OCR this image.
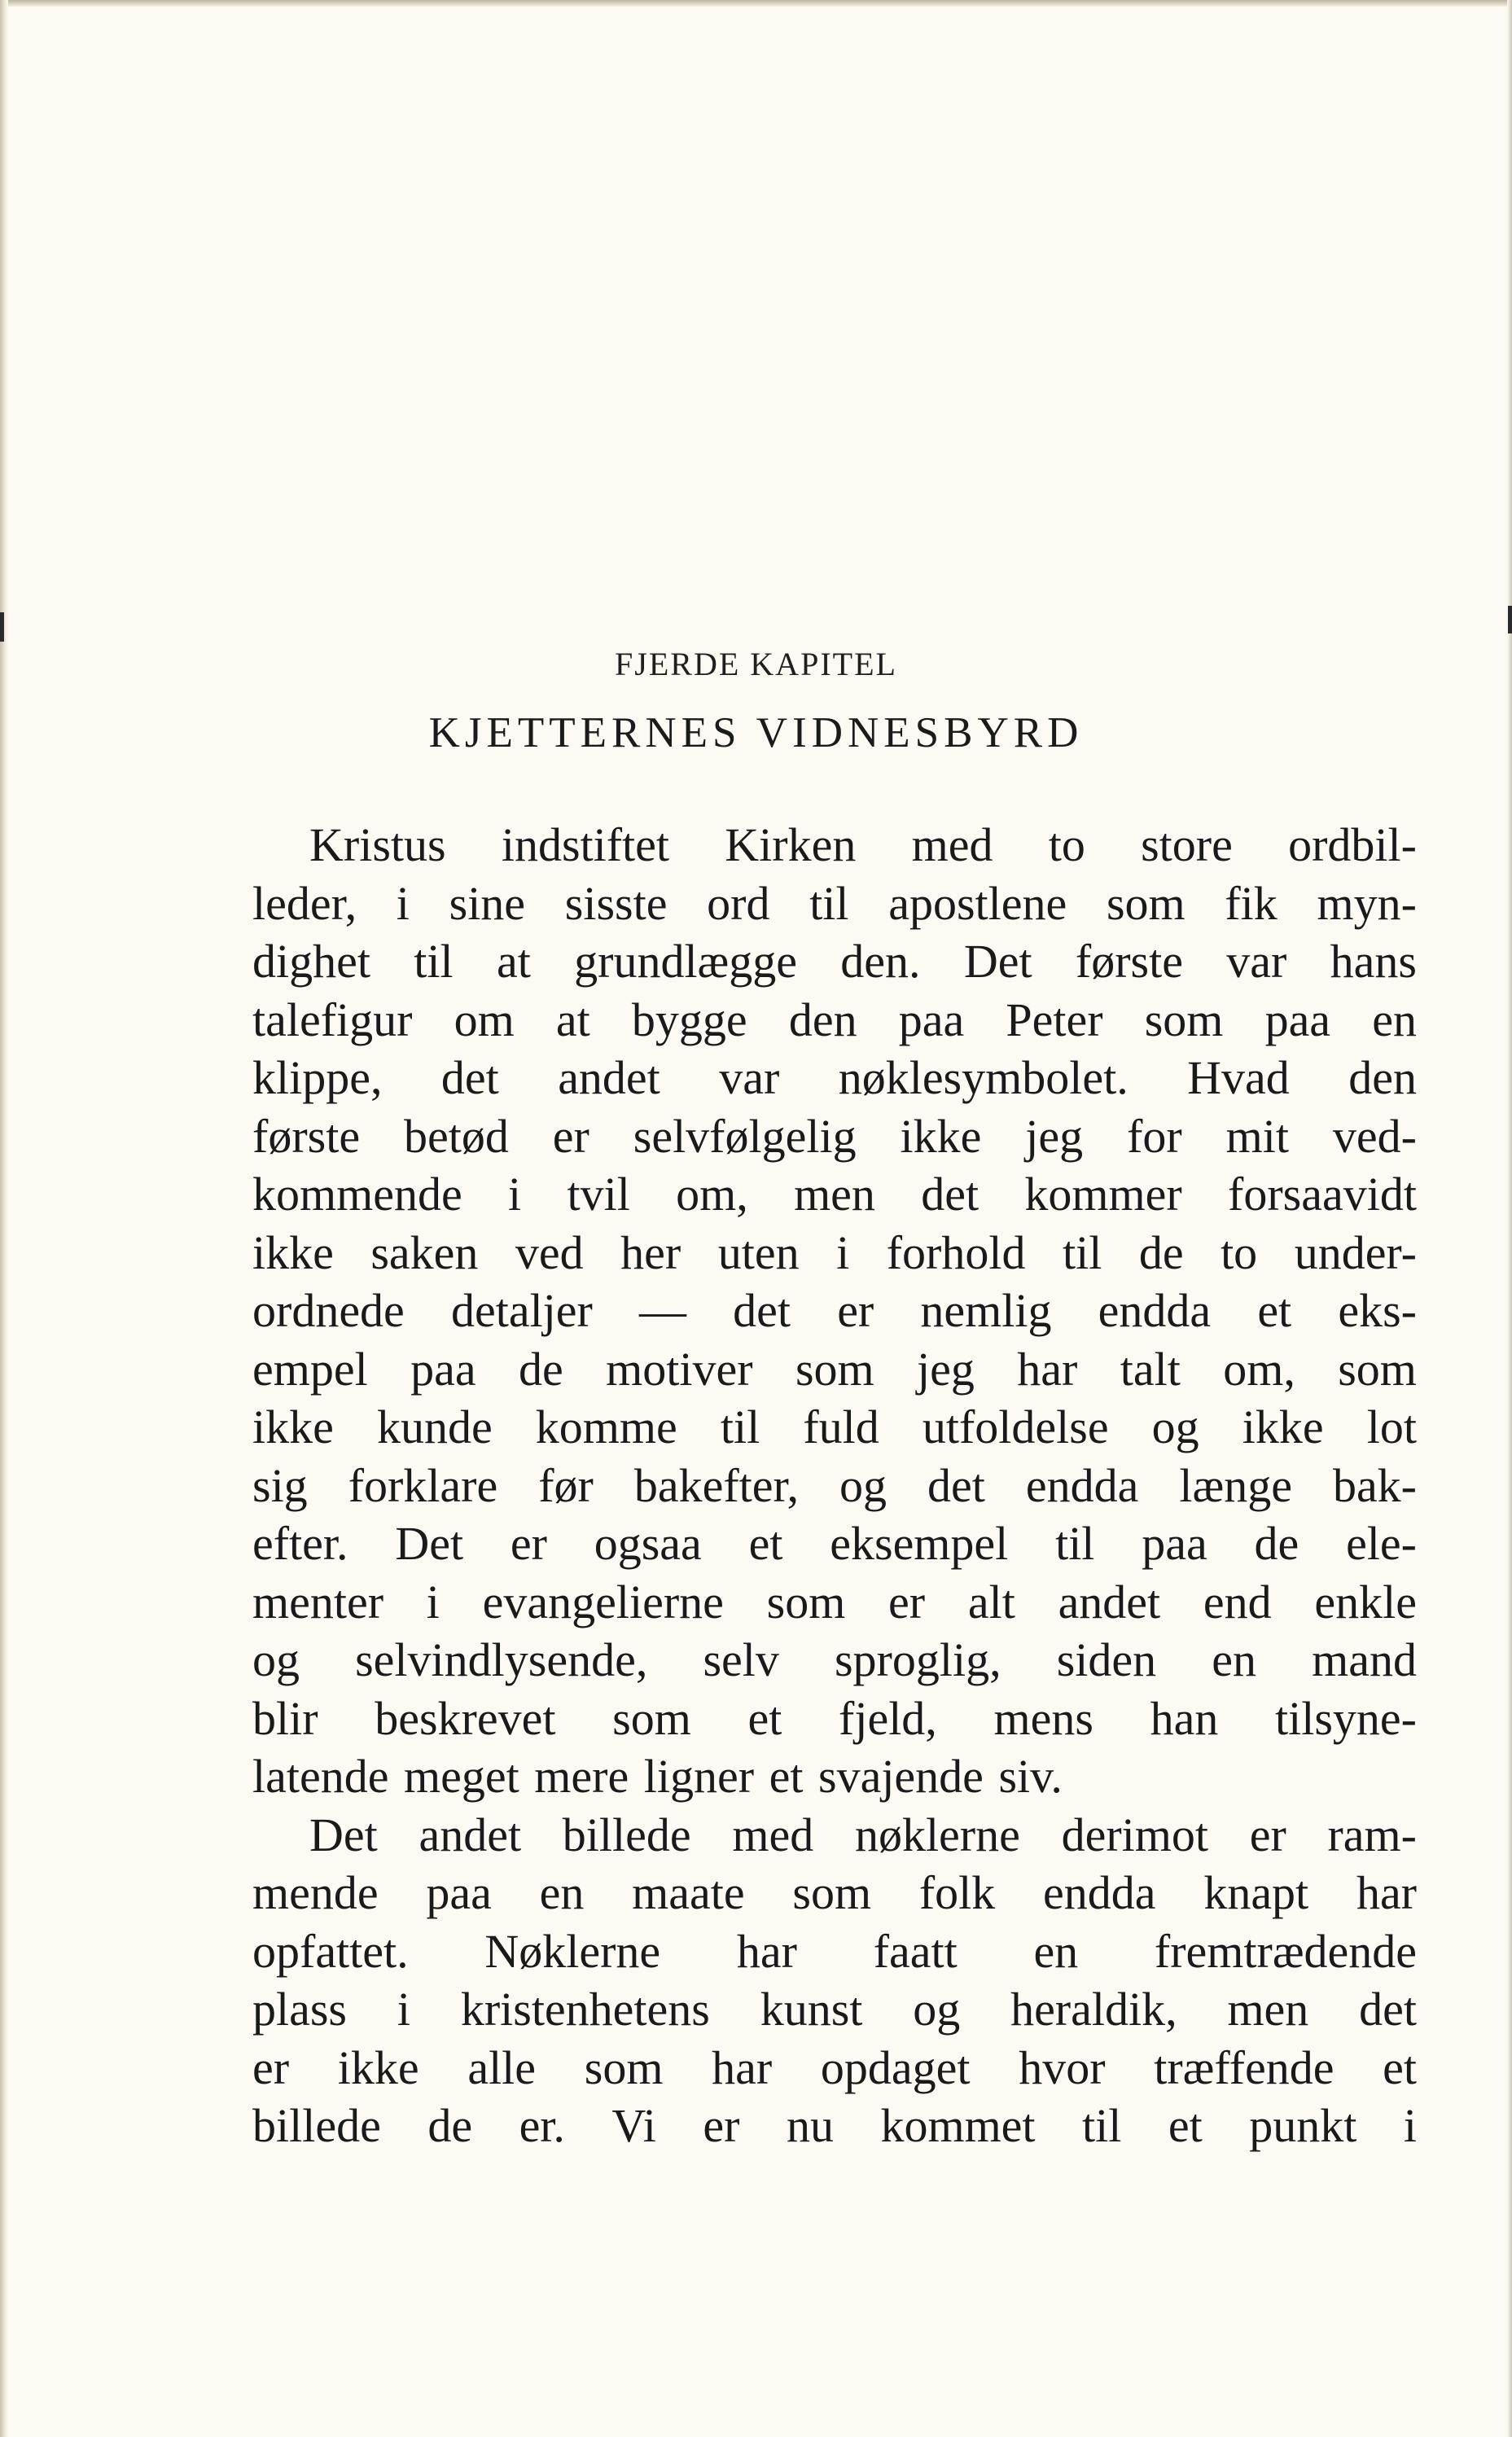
FJERDE KAPITEL
KJETTERNES VIDNESBYRD
Kristus indstiftet Kirken med to store ordbil-
leder, i sine sisste ord til apostlene som fik myn-
dighet til at grundlægge den. Det første var hans
talefigur om at bygge den paa Peter som paa en
klippe, det andet var nøklesymbolet. Hvad den
første betød er selvfølgelig ikke jeg for mit ved-
kommende i tvil om, men det kommer forsaavidt
ikke saken ved her uten i forhold til de to under-
ordnede detaljer — det er nemlig endda et eks-
empel paa de motiver som jeg har talt om, som
ikke kunde komme til fuld utfoldelse og ikke lot
sig forklare før bakefter, og det endda længe bak-
efter. Det er ogsaa et eksempel til paa de ele-
menter i evangelierne som er alt andet end enkle
og selvindlysende, selv sproglig, siden en mand
blir beskrevet som et fjeld, mens han tilsyne-
latende meget mere ligner et svajende siv.
Det andet billede med nøklerne derimot er ram-
mende paa en maate som folk endda knapt har
opfattet. Nøklerne har faatt en fremtrædende
plass i kristenhetens kunst og heraldik, men det
er ikke alle som har opdaget hvor træffende et
billede de er. Vi er nu kommet til et punkt i
